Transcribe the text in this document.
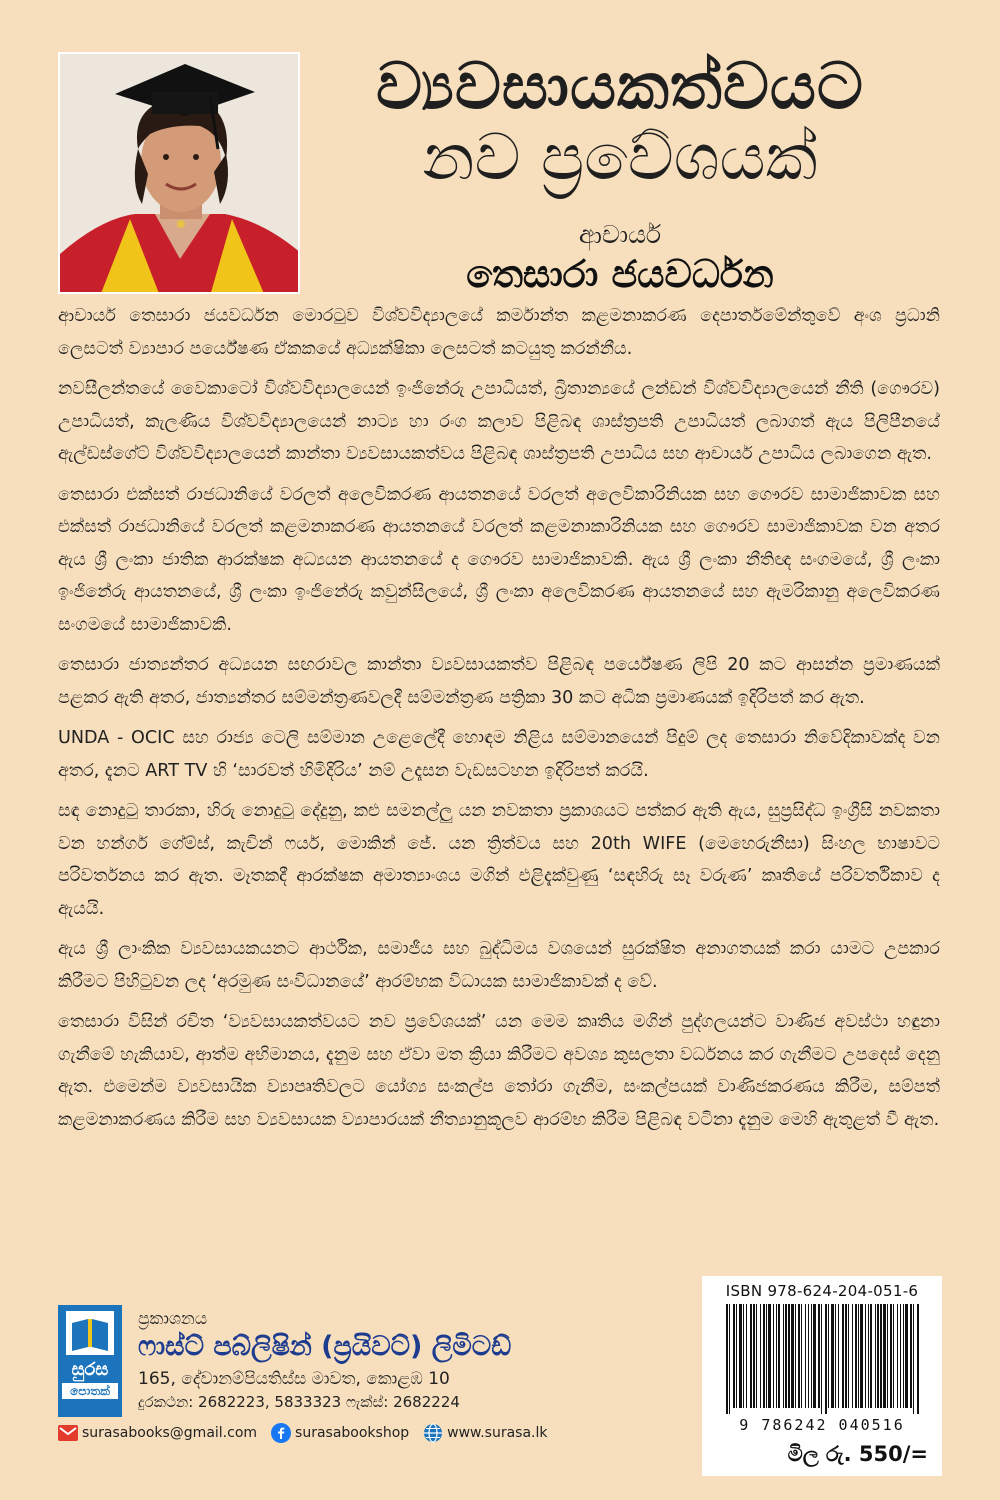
ව්‍යවසායකත්වයට
නව ප්‍රවේශයක්
ආචාර්ය
තෙසාරා ජයවර්ධන

ආචාර්ය තෙසාරා ජයවර්ධන මොරටුව විශ්වවිද්‍යාලයේ කර්මාන්ත කළමනාකරණ දෙපාර්තමේන්තුවේ අංශ ප්‍රධානි ලෙසටත් ව්‍යාපාර පර්යේෂණ ඒකකයේ අධ්‍යක්ෂිකා ලෙසටත් කටයුතු කරන්නීය.

නවසීලන්තයේ වෛකාටෝ විශ්වවිද්‍යාලයෙන් ඉංජිනේරු උපාධියත්, බ්‍රිතාන්‍යයේ ලන්ඩන් විශ්වවිද්‍යාලයෙන් නීති (ගෞරව) උපාධියත්, කැලණිය විශ්වවිද්‍යාලයෙන් නාට්‍ය හා රංග කලාව පිළිබඳ ශාස්ත්‍රපති උපාධියත් ලබාගත් ඇය පිලිපීනයේ ඇල්ඩස්ගේට් විශ්වවිද්‍යාලයෙන් කාන්තා ව්‍යවසායකත්වය පිළිබඳ ශාස්ත්‍රපති උපාධිය සහ ආචාර්ය උපාධිය ලබාගෙන ඇත.

තෙසාරා එක්සත් රාජධානියේ වරලත් අලෙවිකරණ ආයතනයේ වරලත් අලෙවිකාරිනියක සහ ගෞරව සාමාජිකාවක සහ එක්සත් රාජධානියේ වරලත් කළමනාකරණ ආයතනයේ වරලත් කළමනාකාරිනියක සහ ගෞරව සාමාජිකාවක වන අතර ඇය ශ්‍රී ලංකා ජාතික ආරක්ෂක අධ්‍යයන ආයතනයේ ද ගෞරව සාමාජිකාවකි. ඇය ශ්‍රී ලංකා නීතිඥ සංගමයේ, ශ්‍රී ලංකා ඉංජිනේරු ආයතනයේ, ශ්‍රී ලංකා ඉංජිනේරු කවුන්සිලයේ, ශ්‍රී ලංකා අලෙවිකරණ ආයතනයේ සහ ඇමරිකානු අලෙවිකරණ සංගමයේ සාමාජිකාවකි.

තෙසාරා ජාත්‍යන්තර අධ්‍යයන සඟරාවල කාන්තා ව්‍යවසායකත්ව පිළිබඳ පර්යේෂණ ලිපි 20 කට ආසන්න ප්‍රමාණයක් පළකර ඇති අතර, ජාත්‍යන්තර සම්මන්ත්‍රණවලදී සම්මන්ත්‍රණ පත්‍රිකා 30 කට අධික ප්‍රමාණයක් ඉදිරිපත් කර ඇත.

UNDA - OCIC සහ රාජ්‍ය ටෙලි සම්මාන උළෙලේදී හොඳම නිළිය සම්මානයෙන් පිදුම් ලද තෙසාරා නිවේදිකාවක්ද වන අතර, දැනට ART TV හි ‘සාරවත් හිමිදිරිය’ නම් උදෑසන වැඩසටහන ඉදිරිපත් කරයි.

සඳ නොදුටු තාරකා, හිරු නොදුටු දේදුනු, කළු සමනල්ලු යන නවකතා ප්‍රකාශයට පත්කර ඇති ඇය, සුප්‍රසිද්ධ ඉංග්‍රීසි නවකතා වන හන්ගර් ගේම්ස්, කැචින් ෆයර්, මොකින් ජේ. යන ත්‍රිත්වය සහ 20th WIFE (මෙහෙරුනීසා) සිංහල භාෂාවට පරිවර්තනය කර ඇත. මෑතකදී ආරක්ෂක අමාත්‍යාංශය මගින් එළිදැක්වුණු ‘සඳහිරු සෑ වරුණ’ කෘතියේ පරිවර්තිකාව ද ඇයයි.

ඇය ශ්‍රී ලාංකික ව්‍යවසායකයනට ආර්ථික, සමාජීය සහ බුද්ධිමය වශයෙන් සුරක්ෂිත අනාගතයක් කරා යාමට උපකාර කිරීමට පිහිටුවන ලද ‘අරමුණ සංවිධානයේ’ ආරම්භක විධායක සාමාජිකාවක් ද වේ.

තෙසාරා විසින් රචිත ‘ව්‍යවසායකත්වයට නව ප්‍රවේශයක්’ යන මෙම කෘතිය මගින් පුද්ගලයන්ට වාණිජ අවස්ථා හඳුනා ගැනීමේ හැකියාව, ආත්ම අභිමානය, දැනුම සහ ඒවා මත ක්‍රියා කිරීමට අවශ්‍ය කුසලතා වර්ධනය කර ගැනීමට උපදෙස් දෙනු ඇත. එමෙන්ම ව්‍යවසායික ව්‍යාපෘතිවලට යෝග්‍ය සංකල්ප තෝරා ගැනීම, සංකල්පයක් වාණිජකරණය කිරීම, සම්පත් කළමනාකරණය කිරීම සහ ව්‍යවසායක ව්‍යාපාරයක් නීත්‍යානුකූලව ආරම්භ කිරීම පිළිබඳ වටිනා දැනුම මෙහි ඇතුළත් වී ඇත.

සුරස
පොතක්
ප්‍රකාශනය
ෆාස්ට් පබ්ලිෂින් (ප්‍රයිවට්) ලිමිටඩ්
165, දේවානම්පියතිස්ස මාවත, කොළඹ 10
දුරකථන: 2682223, 5833323 ෆැක්ස්: 2682224
surasabooks@gmail.com	surasabookshop	www.surasa.lk
ISBN 978-624-204-051-6
9 786242 040516
මිල රු. 550/=
